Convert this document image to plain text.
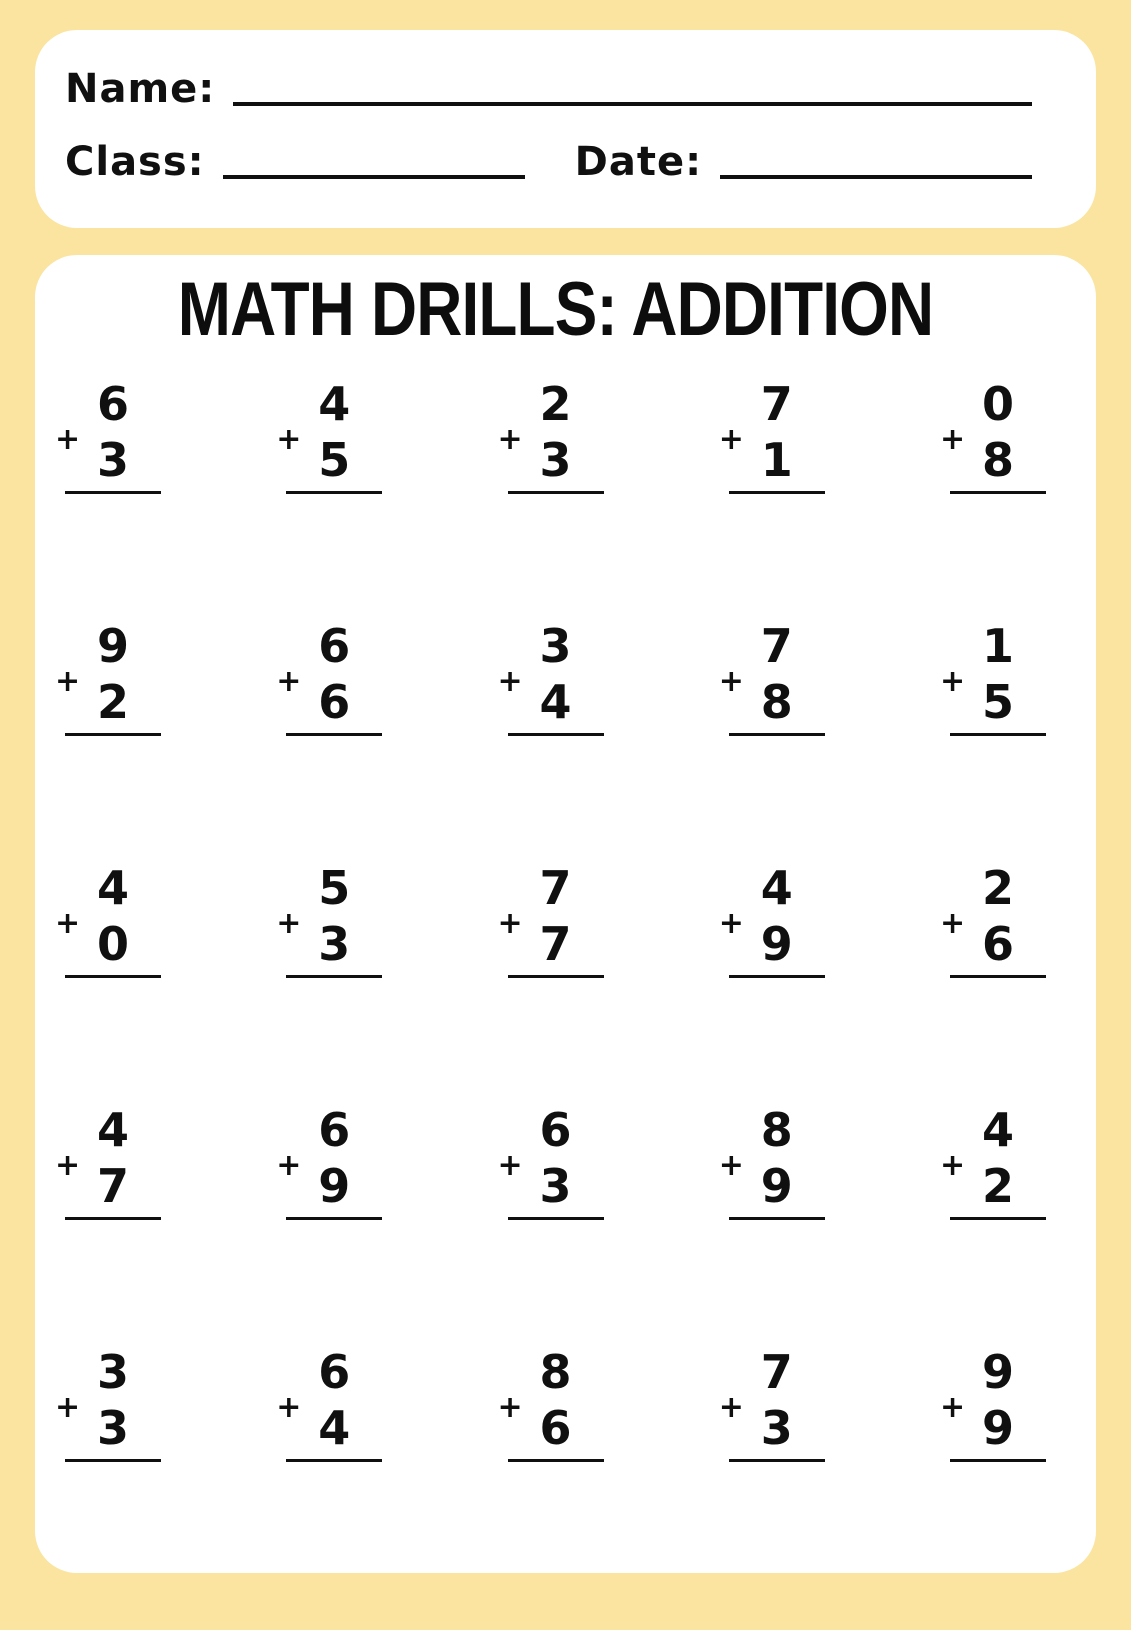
Name:
Class:	Date:
MATH DRILLS: ADDITION
6
3
+
4
5
+
2
3
+
7
1
+
0
8
+
9
2
+
6
6
+
3
4
+
7
8
+
1
5
+
4
0
+
5
3
+
7
7
+
4
9
+
2
6
+
4
7
+
6
9
+
6
3
+
8
9
+
4
2
+
3
3
+
6
4
+
8
6
+
7
3
+
9
9
+
